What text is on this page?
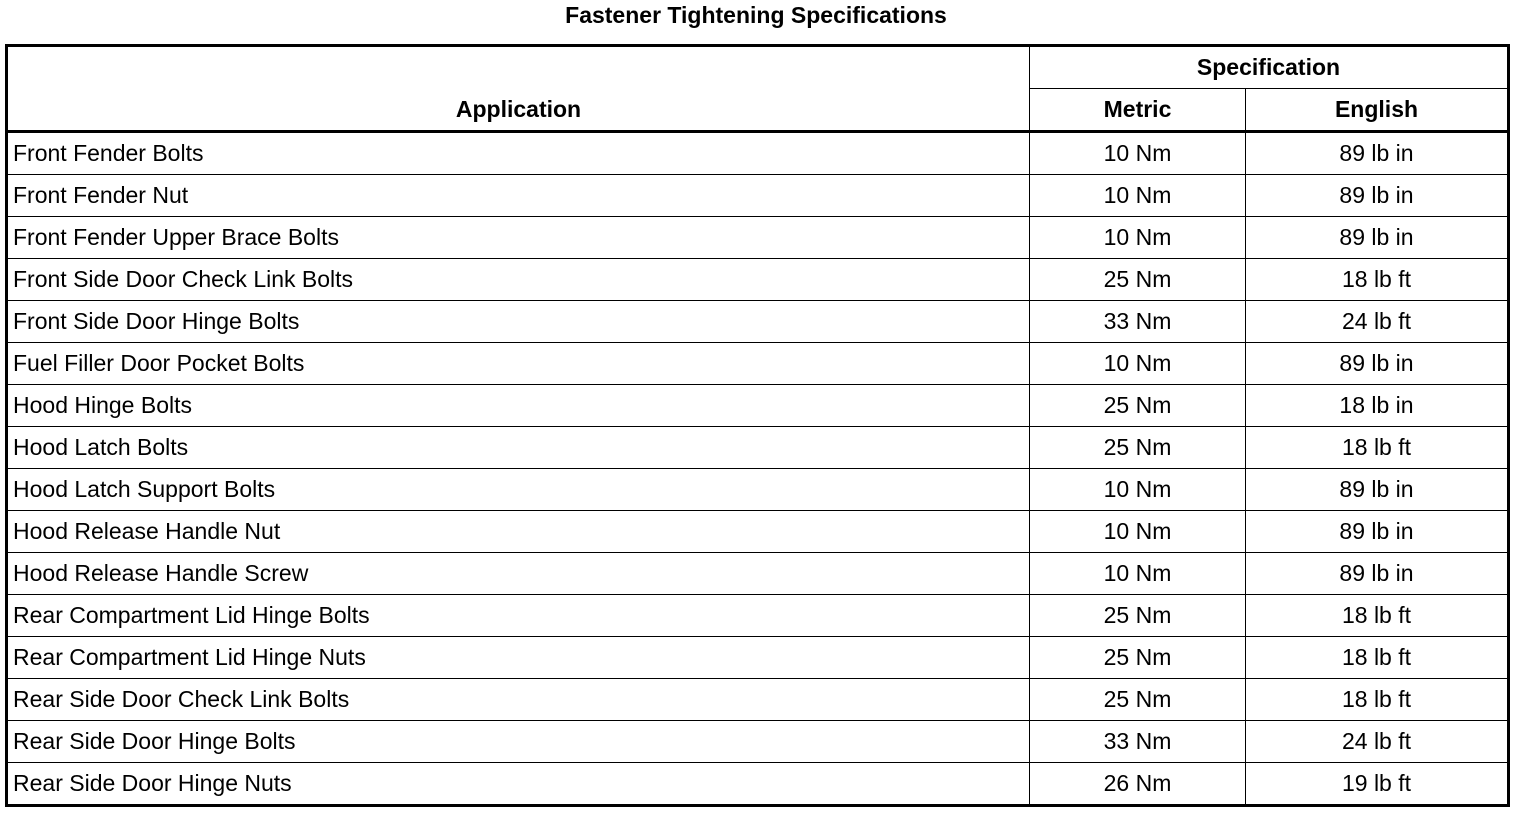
Fastener Tightening Specifications
Application	Specification	
	Metric	English
Front Fender Bolts	10 Nm	89 lb in
Front Fender Nut	10 Nm	89 lb in
Front Fender Upper Brace Bolts	10 Nm	89 lb in
Front Side Door Check Link Bolts	25 Nm	18 lb ft
Front Side Door Hinge Bolts	33 Nm	24 lb ft
Fuel Filler Door Pocket Bolts	10 Nm	89 lb in
Hood Hinge Bolts	25 Nm	18 lb in
Hood Latch Bolts	25 Nm	18 lb ft
Hood Latch Support Bolts	10 Nm	89 lb in
Hood Release Handle Nut	10 Nm	89 lb in
Hood Release Handle Screw	10 Nm	89 lb in
Rear Compartment Lid Hinge Bolts	25 Nm	18 lb ft
Rear Compartment Lid Hinge Nuts	25 Nm	18 lb ft
Rear Side Door Check Link Bolts	25 Nm	18 lb ft
Rear Side Door Hinge Bolts	33 Nm	24 lb ft
Rear Side Door Hinge Nuts	26 Nm	19 lb ft
